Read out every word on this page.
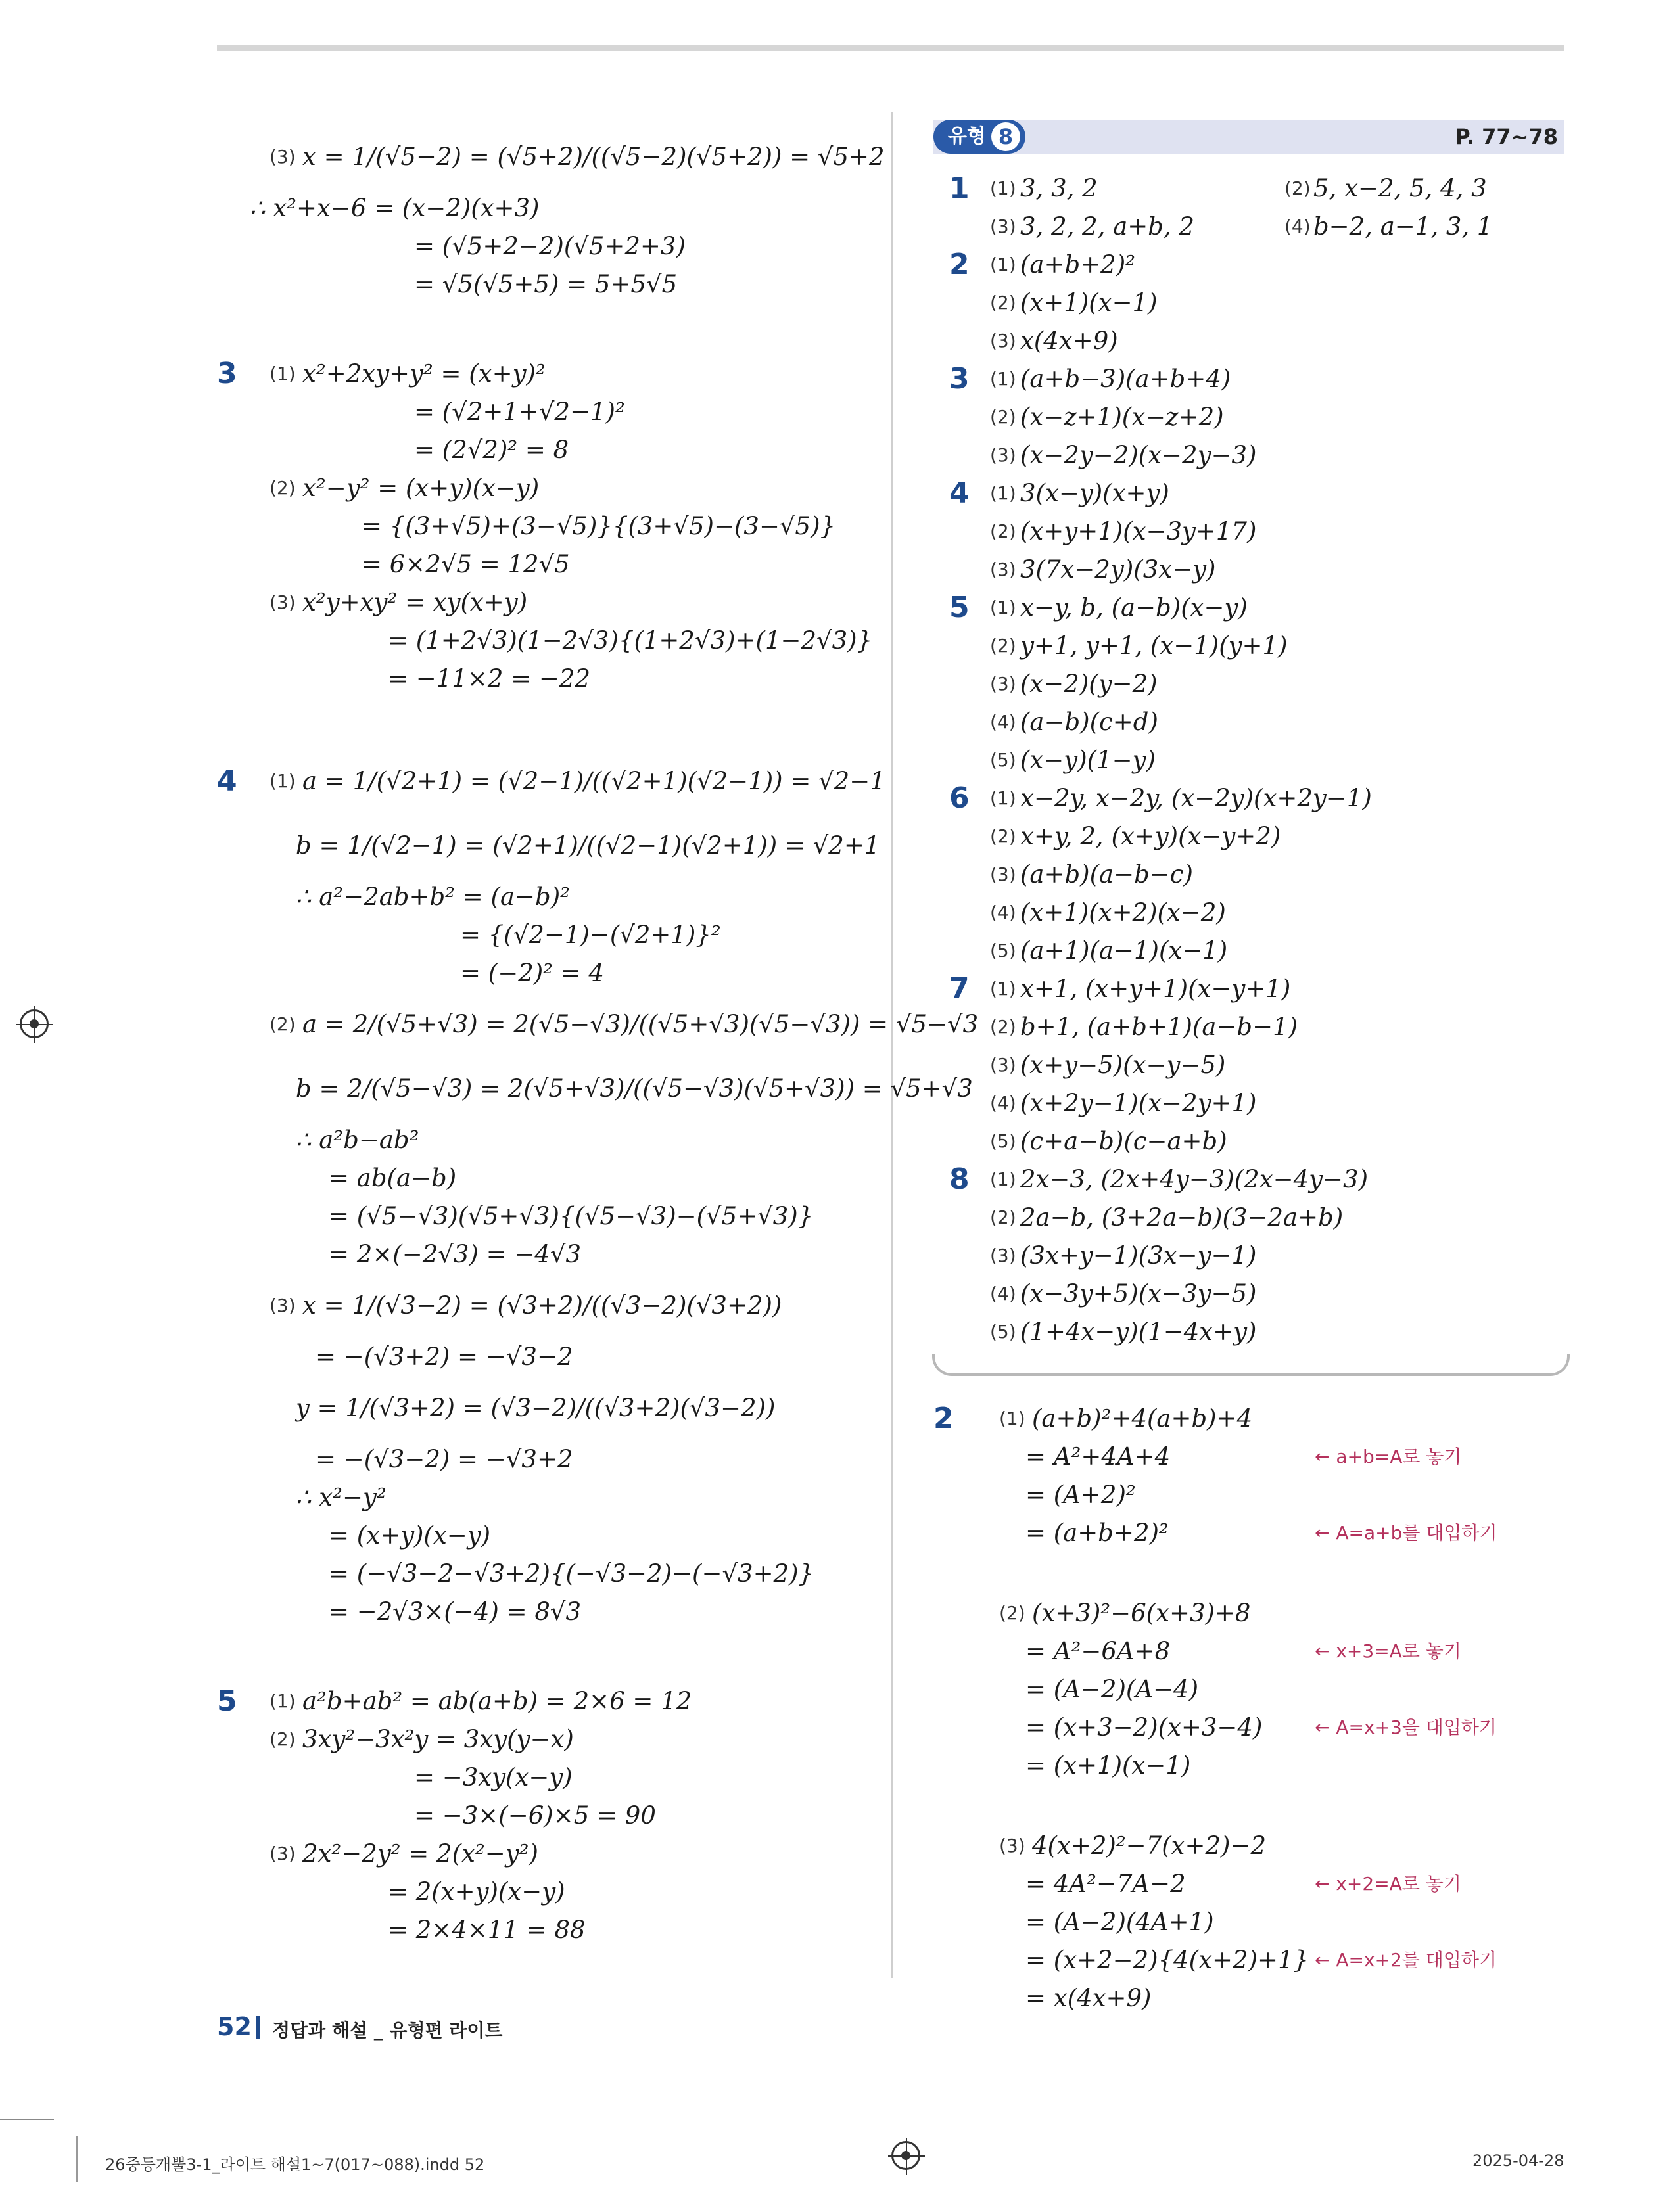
(3) x = 1/(√5−2) = (√5+2)/((√5−2)(√5+2)) = √5+2
∴ x²+x−6 = (x−2)(x+3)
= (√5+2−2)(√5+2+3)
= √5(√5+5) = 5+5√5
3 (1) x²+2xy+y² = (x+y)²
= (√2+1+√2−1)²
= (2√2)² = 8
(2) x²−y² = (x+y)(x−y)
= {(3+√5)+(3−√5)}{(3+√5)−(3−√5)}
= 6×2√5 = 12√5
(3) x²y+xy² = xy(x+y)
= (1+2√3)(1−2√3){(1+2√3)+(1−2√3)}
= −11×2 = −22
4 (1) a = 1/(√2+1) = (√2−1)/((√2+1)(√2−1)) = √2−1
b = 1/(√2−1) = (√2+1)/((√2−1)(√2+1)) = √2+1
∴ a²−2ab+b² = (a−b)²
= {(√2−1)−(√2+1)}²
= (−2)² = 4
(2) a = 2/(√5+√3) = 2(√5−√3)/((√5+√3)(√5−√3)) = √5−√3
b = 2/(√5−√3) = 2(√5+√3)/((√5−√3)(√5+√3)) = √5+√3
∴ a²b−ab²
= ab(a−b)
= (√5−√3)(√5+√3){(√5−√3)−(√5+√3)}
= 2×(−2√3) = −4√3
(3) x = 1/(√3−2) = (√3+2)/((√3−2)(√3+2))
= −(√3+2) = −√3−2
y = 1/(√3+2) = (√3−2)/((√3+2)(√3−2))
= −(√3−2) = −√3+2
∴ x²−y²
= (x+y)(x−y)
= (−√3−2−√3+2){(−√3−2)−(−√3+2)}
= −2√3×(−4) = 8√3
5 (1) a²b+ab² = ab(a+b) = 2×6 = 12
(2) 3xy²−3x²y = 3xy(y−x)
= −3xy(x−y)
= −3×(−6)×5 = 90
(3) 2x²−2y² = 2(x²−y²)
= 2(x+y)(x−y)
= 2×4×11 = 88
유형 8	P. 77~78
1 (1) 3, 3, 2	(2) 5, x−2, 5, 4, 3
(3) 3, 2, 2, a+b, 2	(4) b−2, a−1, 3, 1
2 (1) (a+b+2)²
(2) (x+1)(x−1)
(3) x(4x+9)
3 (1) (a+b−3)(a+b+4)
(2) (x−z+1)(x−z+2)
(3) (x−2y−2)(x−2y−3)
4 (1) 3(x−y)(x+y)
(2) (x+y+1)(x−3y+17)
(3) 3(7x−2y)(3x−y)
5 (1) x−y, b, (a−b)(x−y)
(2) y+1, y+1, (x−1)(y+1)
(3) (x−2)(y−2)
(4) (a−b)(c+d)
(5) (x−y)(1−y)
6 (1) x−2y, x−2y, (x−2y)(x+2y−1)
(2) x+y, 2, (x+y)(x−y+2)
(3) (a+b)(a−b−c)
(4) (x+1)(x+2)(x−2)
(5) (a+1)(a−1)(x−1)
7 (1) x+1, (x+y+1)(x−y+1)
(2) b+1, (a+b+1)(a−b−1)
(3) (x+y−5)(x−y−5)
(4) (x+2y−1)(x−2y+1)
(5) (c+a−b)(c−a+b)
8 (1) 2x−3, (2x+4y−3)(2x−4y−3)
(2) 2a−b, (3+2a−b)(3−2a+b)
(3) (3x+y−1)(3x−y−1)
(4) (x−3y+5)(x−3y−5)
(5) (1+4x−y)(1−4x+y)
2 (1) (a+b)²+4(a+b)+4
= A²+4A+4	← a+b=A로 놓기
= (A+2)²
= (a+b+2)²	← A=a+b를 대입하기
(2) (x+3)²−6(x+3)+8
= A²−6A+8	← x+3=A로 놓기
= (A−2)(A−4)
= (x+3−2)(x+3−4)	← A=x+3을 대입하기
= (x+1)(x−1)
(3) 4(x+2)²−7(x+2)−2
= 4A²−7A−2	← x+2=A로 놓기
= (A−2)(4A+1)
= (x+2−2){4(x+2)+1} ← A=x+2를 대입하기
= x(4x+9)
52 정답과 해설 _ 유형편 라이트
26중등개뿔3-1_라이트 해설1~7(017~088).indd 52	2025-04-28
